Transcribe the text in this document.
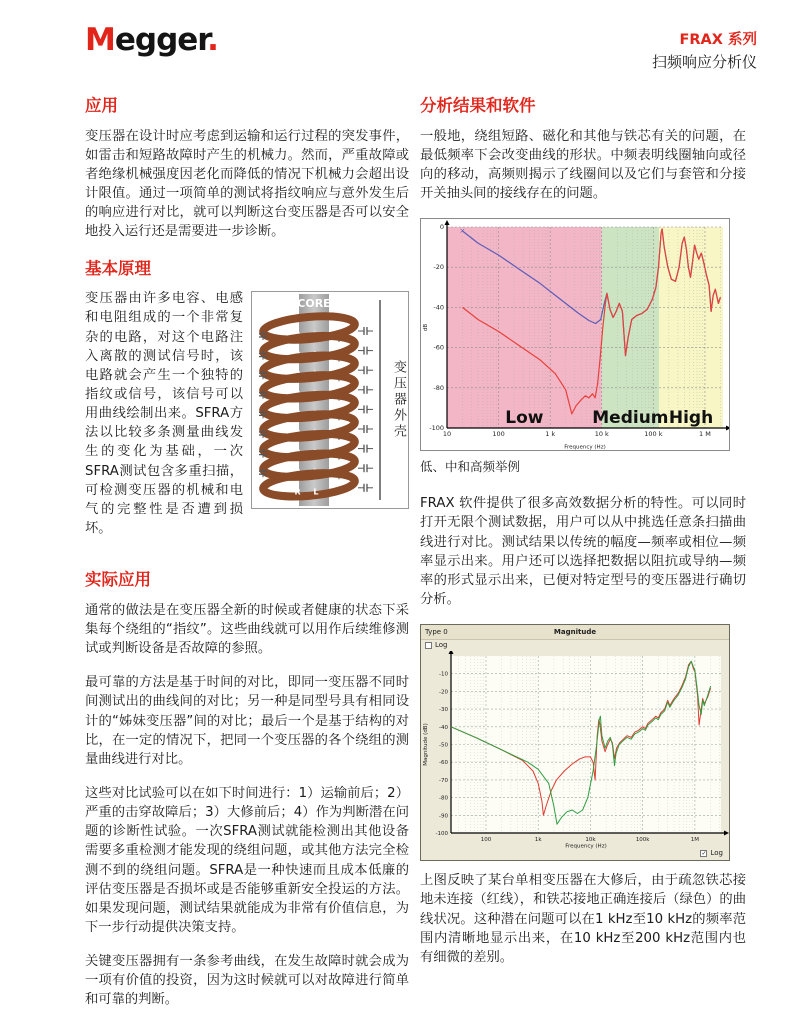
Megger.	FRAX 系列
扫频响应分析仪
应用

变压器在设计时应考虑到运输和运行过程的突发事件，如雷击和短路故障时产生的机械力。然而，严重故障或者绝缘机械强度因老化而降低的情况下机械力会超出设计限值。通过一项简单的测试将指纹响应与意外发生后的响应进行对比，就可以判断这台变压器是否可以安全地投入运行还是需要进一步诊断。

基本原理
CORE
R L
R L
R L
R L
R L
R L
R L
R L
R L
变压器外壳

变压器由许多电容、电感和电阻组成的一个非常复杂的电路，对这个电路注入离散的测试信号时，该电路就会产生一个独特的指纹或信号，该信号可以用曲线绘制出来。SFRA方法以比较多条测量曲线发生的变化为基础，一次SFRA测试包含多重扫描，可检测变压器的机械和电气的完整性是否遭到损坏。

实际应用

通常的做法是在变压器全新的时候或者健康的状态下采集每个绕组的“指纹”。这些曲线就可以用作后续维修测试或判断设备是否故障的参照。

最可靠的方法是基于时间的对比，即同一变压器不同时间测试出的曲线间的对比；另一种是同型号具有相同设计的“姊妹变压器”间的对比；最后一个是基于结构的对比，在一定的情况下，把同一个变压器的各个绕组的测量曲线进行对比。

这些对比试验可以在如下时间进行：1）运输前后；2）严重的击穿故障后；3）大修前后；4）作为判断潜在问题的诊断性试验。一次SFRA测试就能检测出其他设备需要多重检测才能发现的绕组问题，或其他方法完全检测不到的绕组问题。SFRA是一种快速而且成本低廉的评估变压器是否损坏或是否能够重新安全投运的方法。如果发现问题，测试结果就能成为非常有价值信息，为下一步行动提供决策支持。

关键变压器拥有一条参考曲线，在发生故障时就会成为一项有价值的投资，因为这时候就可以对故障进行简单和可靠的判断。

分析结果和软件

一般地，绕组短路、磁化和其他与铁芯有关的问题，在最低频率下会改变曲线的形状。中频表明线圈轴向或径向的移动，高频则揭示了线圈间以及它们与套管和分接开关抽头间的接线存在的问题。

10	100	1 k	10 k	100 k	1 M
0
-20
-40
-60
-80
-100	Low	Medium High
×
Frequency (Hz)
dB
低、中和高频举例

FRAX 软件提供了很多高效数据分析的特性。可以同时打开无限个测试数据，用户可以从中挑选任意条扫描曲线进行对比。测试结果以传统的幅度—频率或相位—频率显示出来。用户还可以选择把数据以阻抗或导纳—频率的形式显示出来，已便对特定型号的变压器进行确切分析。

Type 0	Magnitude
Log
100	1k	10k	100k	1M
-10
-20
-30
-40
-50
-60
-70
-80
-90
-100
Frequency (Hz)
Magnitude (dB)
✓ Log

上图反映了某台单相变压器在大修后，由于疏忽铁芯接地未连接（红线），和铁芯接地正确连接后（绿色）的曲线状况。这种潜在问题可以在1 kHz至10 kHz的频率范围内清晰地显示出来，在10 kHz至200 kHz范围内也有细微的差别。
